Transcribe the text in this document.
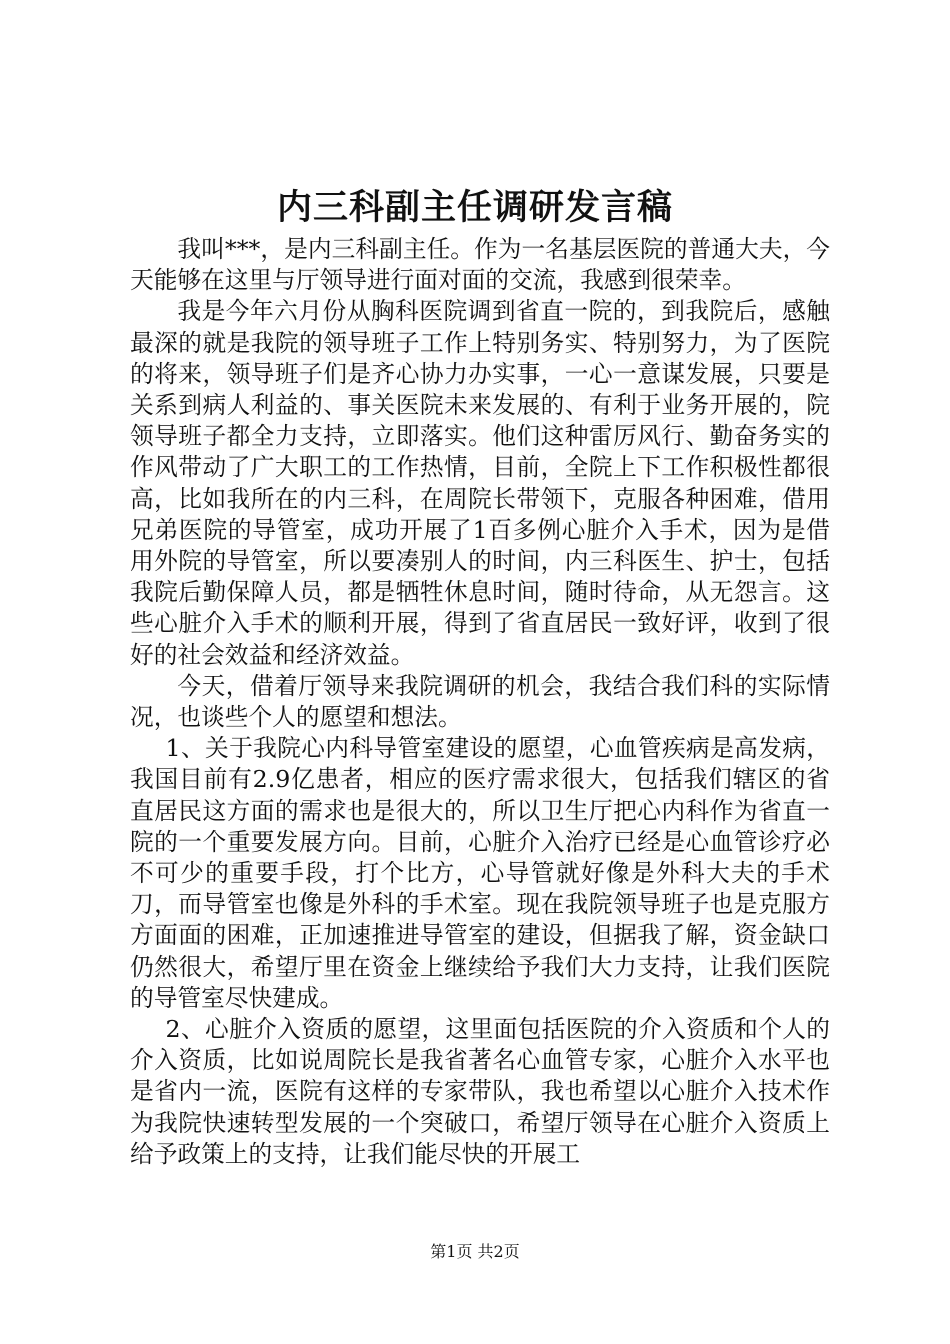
内三科副主任调研发言稿

我叫***，是内三科副主任。作为一名基层医院的普通大夫，今天能够在这里与厅领导进行面对面的交流，我感到很荣幸。

我是今年六月份从胸科医院调到省直一院的，到我院后，感触最深的就是我院的领导班子工作上特别务实、特别努力，为了医院的将来，领导班子们是齐心协力办实事，一心一意谋发展，只要是关系到病人利益的、事关医院未来发展的、有利于业务开展的，院领导班子都全力支持，立即落实。他们这种雷厉风行、勤奋务实的作风带动了广大职工的工作热情，目前，全院上下工作积极性都很高，比如我所在的内三科，在周院长带领下，克服各种困难，借用兄弟医院的导管室，成功开展了1百多例心脏介入手术，因为是借用外院的导管室，所以要凑别人的时间，内三科医生、护士，包括我院后勤保障人员，都是牺牲休息时间，随时待命，从无怨言。这些心脏介入手术的顺利开展，得到了省直居民一致好评，收到了很好的社会效益和经济效益。

今天，借着厅领导来我院调研的机会，我结合我们科的实际情况，也谈些个人的愿望和想法。

1、关于我院心内科导管室建设的愿望，心血管疾病是高发病，我国目前有2.9亿患者，相应的医疗需求很大，包括我们辖区的省直居民这方面的需求也是很大的，所以卫生厅把心内科作为省直一院的一个重要发展方向。目前，心脏介入治疗已经是心血管诊疗必不可少的重要手段，打个比方，心导管就好像是外科大夫的手术刀，而导管室也像是外科的手术室。现在我院领导班子也是克服方方面面的困难，正加速推进导管室的建设，但据我了解，资金缺口仍然很大，希望厅里在资金上继续给予我们大力支持，让我们医院的导管室尽快建成。

2、心脏介入资质的愿望，这里面包括医院的介入资质和个人的介入资质，比如说周院长是我省著名心血管专家，心脏介入水平也是省内一流，医院有这样的专家带队，我也希望以心脏介入技术作为我院快速转型发展的一个突破口，希望厅领导在心脏介入资质上给予政策上的支持，让我们能尽快的开展工

第1页 共2页
